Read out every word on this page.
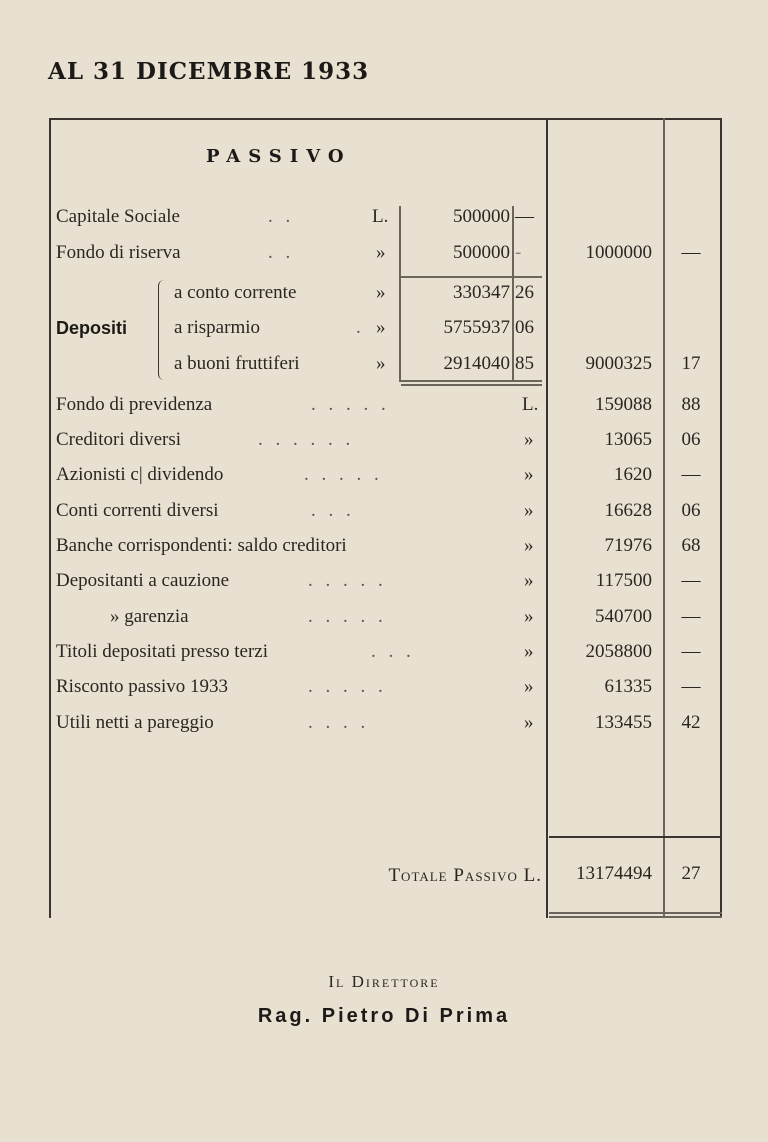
AL 31 DICEMBRE 1933
PASSIVO
Capitale Sociale	. .	L.	500000 —
Fondo di riserva	. .	»	500000 -	1000000	—
Depositi
a conto corrente	»	330347 26
a risparmio	. »	5755937 06
a buoni fruttiferi	»	2914040 85	9000325	17
Fondo di previdenza	. . . . .	L.	159088	88
Creditori diversi	. . . . . .	»	13065	06
Azionisti c| dividendo	. . . . .	»	1620	—
Conti correnti diversi	. . .	»	16628	06
Banche corrispondenti: saldo creditori	»	71976	68
Depositanti a cauzione	. . . . .	»	117500	—
» garenzia	. . . . .	»	540700	—
Titoli depositati presso terzi	. . .	»	2058800	—
Risconto passivo 1933	. . . . .	»	61335	—
Utili netti a pareggio	. . . .	»	133455	42
Totale Passivo L. 13174494	27
Il Direttore
Rag. Pietro Di Prima
